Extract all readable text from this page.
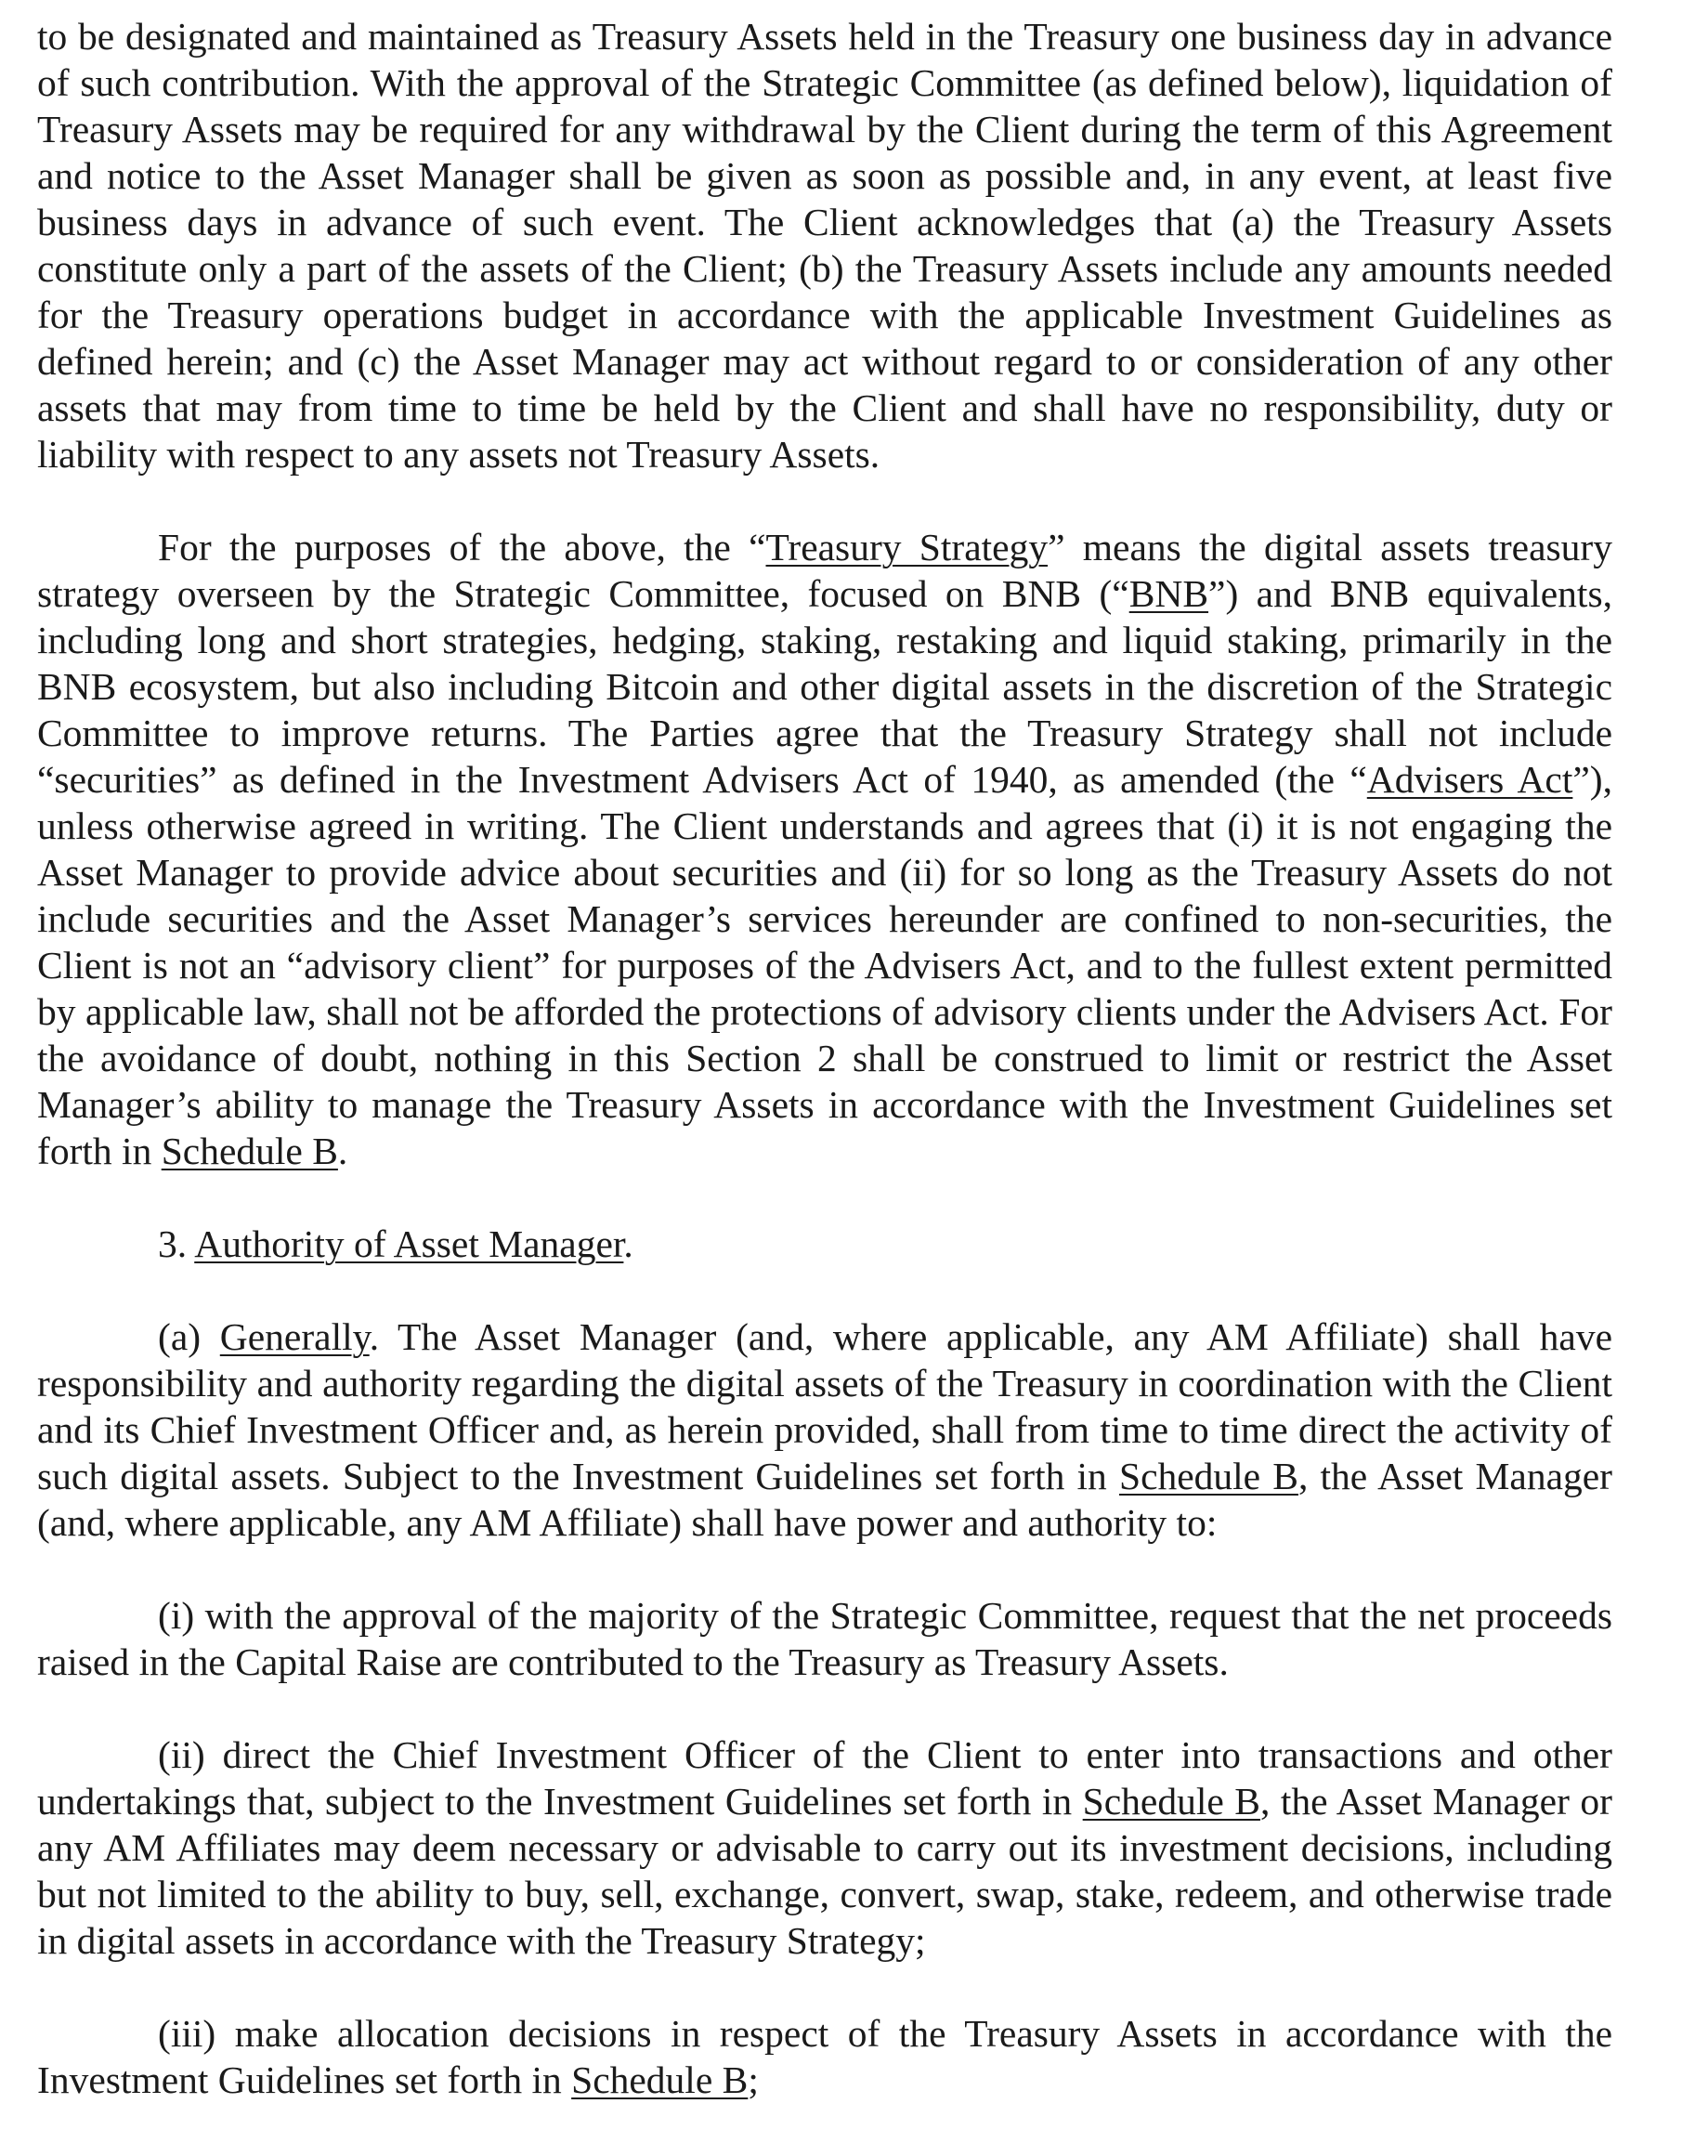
to be designated and maintained as Treasury Assets held in the Treasury one business day in advance of such contribution. With the approval of the Strategic Committee (as defined below), liquidation of Treasury Assets may be required for any withdrawal by the Client during the term of this Agreement and notice to the Asset Manager shall be given as soon as possible and, in any event, at least five business days in advance of such event. The Client acknowledges that (a) the Treasury Assets constitute only a part of the assets of the Client; (b) the Treasury Assets include any amounts needed for the Treasury operations budget in accordance with the applicable Investment Guidelines as defined herein; and (c) the Asset Manager may act without regard to or consideration of any other assets that may from time to time be held by the Client and shall have no responsibility, duty or liability with respect to any assets not Treasury Assets.

For the purposes of the above, the “Treasury Strategy” means the digital assets treasury strategy overseen by the Strategic Committee, focused on BNB (“BNB”) and BNB equivalents, including long and short strategies, hedging, staking, restaking and liquid staking, primarily in the BNB ecosystem, but also including Bitcoin and other digital assets in the discretion of the Strategic Committee to improve returns. The Parties agree that the Treasury Strategy shall not include “securities” as defined in the Investment Advisers Act of 1940, as amended (the “Advisers Act”), unless otherwise agreed in writing. The Client understands and agrees that (i) it is not engaging the Asset Manager to provide advice about securities and (ii) for so long as the Treasury Assets do not include securities and the Asset Manager’s services hereunder are confined to non-securities, the Client is not an “advisory client” for purposes of the Advisers Act, and to the fullest extent permitted by applicable law, shall not be afforded the protections of advisory clients under the Advisers Act. For the avoidance of doubt, nothing in this Section 2 shall be construed to limit or restrict the Asset Manager’s ability to manage the Treasury Assets in accordance with the Investment Guidelines set forth in Schedule B.

3. Authority of Asset Manager.

(a) Generally. The Asset Manager (and, where applicable, any AM Affiliate) shall have responsibility and authority regarding the digital assets of the Treasury in coordination with the Client and its Chief Investment Officer and, as herein provided, shall from time to time direct the activity of such digital assets. Subject to the Investment Guidelines set forth in Schedule B, the Asset Manager (and, where applicable, any AM Affiliate) shall have power and authority to:

(i) with the approval of the majority of the Strategic Committee, request that the net proceeds raised in the Capital Raise are contributed to the Treasury as Treasury Assets.

(ii) direct the Chief Investment Officer of the Client to enter into transactions and other undertakings that, subject to the Investment Guidelines set forth in Schedule B, the Asset Manager or any AM Affiliates may deem necessary or advisable to carry out its investment decisions, including but not limited to the ability to buy, sell, exchange, convert, swap, stake, redeem, and otherwise trade in digital assets in accordance with the Treasury Strategy;

(iii) make allocation decisions in respect of the Treasury Assets in accordance with the Investment Guidelines set forth in Schedule B;
